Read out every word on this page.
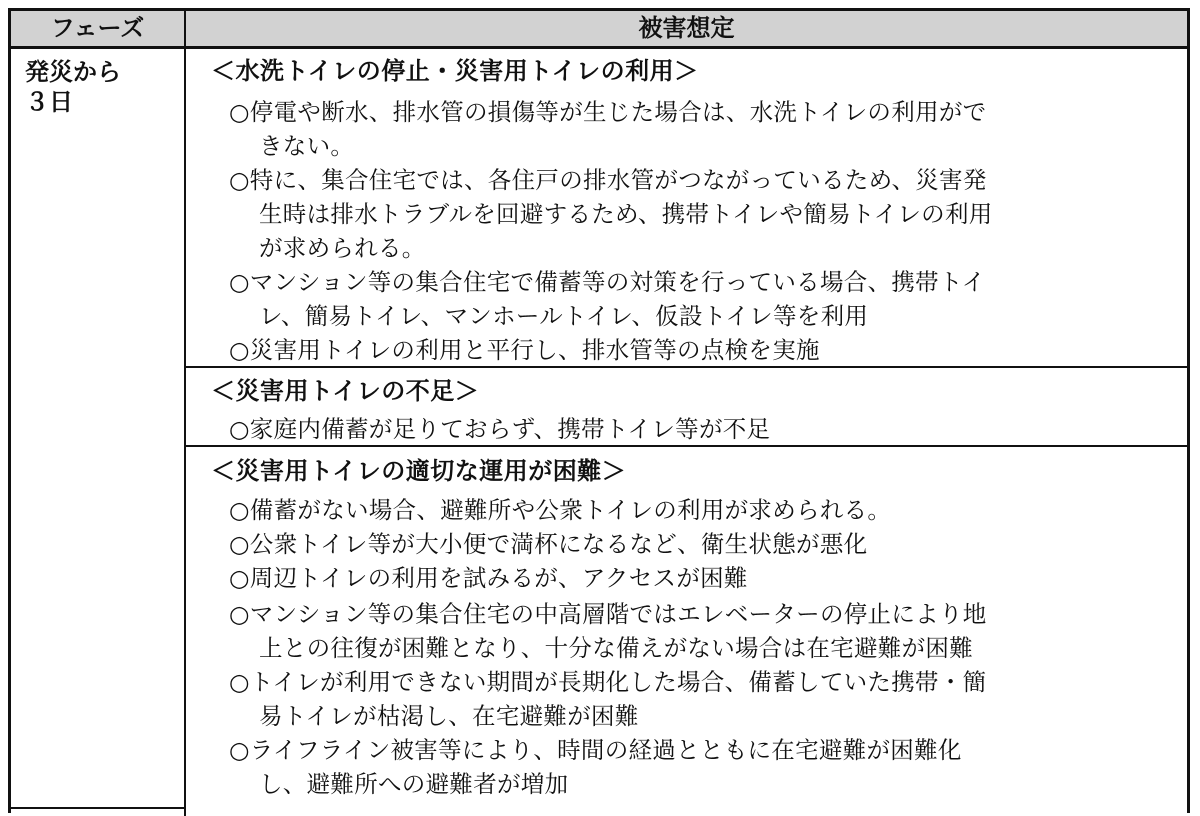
フェーズ	被害想定
発災から
３日
＜水洗トイレの停止・災害用トイレの利用＞
○停電や断水、排水管の損傷等が生じた場合は、水洗トイレの利用がで
きない。
○特に、集合住宅では、各住戸の排水管がつながっているため、災害発
生時は排水トラブルを回避するため、携帯トイレや簡易トイレの利用
が求められる。
○マンション等の集合住宅で備蓄等の対策を行っている場合、携帯トイ
レ、簡易トイレ、マンホールトイレ、仮設トイレ等を利用
○災害用トイレの利用と平行し、排水管等の点検を実施
＜災害用トイレの不足＞
○家庭内備蓄が足りておらず、携帯トイレ等が不足
＜災害用トイレの適切な運用が困難＞
○備蓄がない場合、避難所や公衆トイレの利用が求められる。
○公衆トイレ等が大小便で満杯になるなど、衛生状態が悪化
○周辺トイレの利用を試みるが、アクセスが困難
○マンション等の集合住宅の中高層階ではエレベーターの停止により地
上との往復が困難となり、十分な備えがない場合は在宅避難が困難
○トイレが利用できない期間が長期化した場合、備蓄していた携帯・簡
易トイレが枯渇し、在宅避難が困難
○ライフライン被害等により、時間の経過とともに在宅避難が困難化
し、避難所への避難者が増加
